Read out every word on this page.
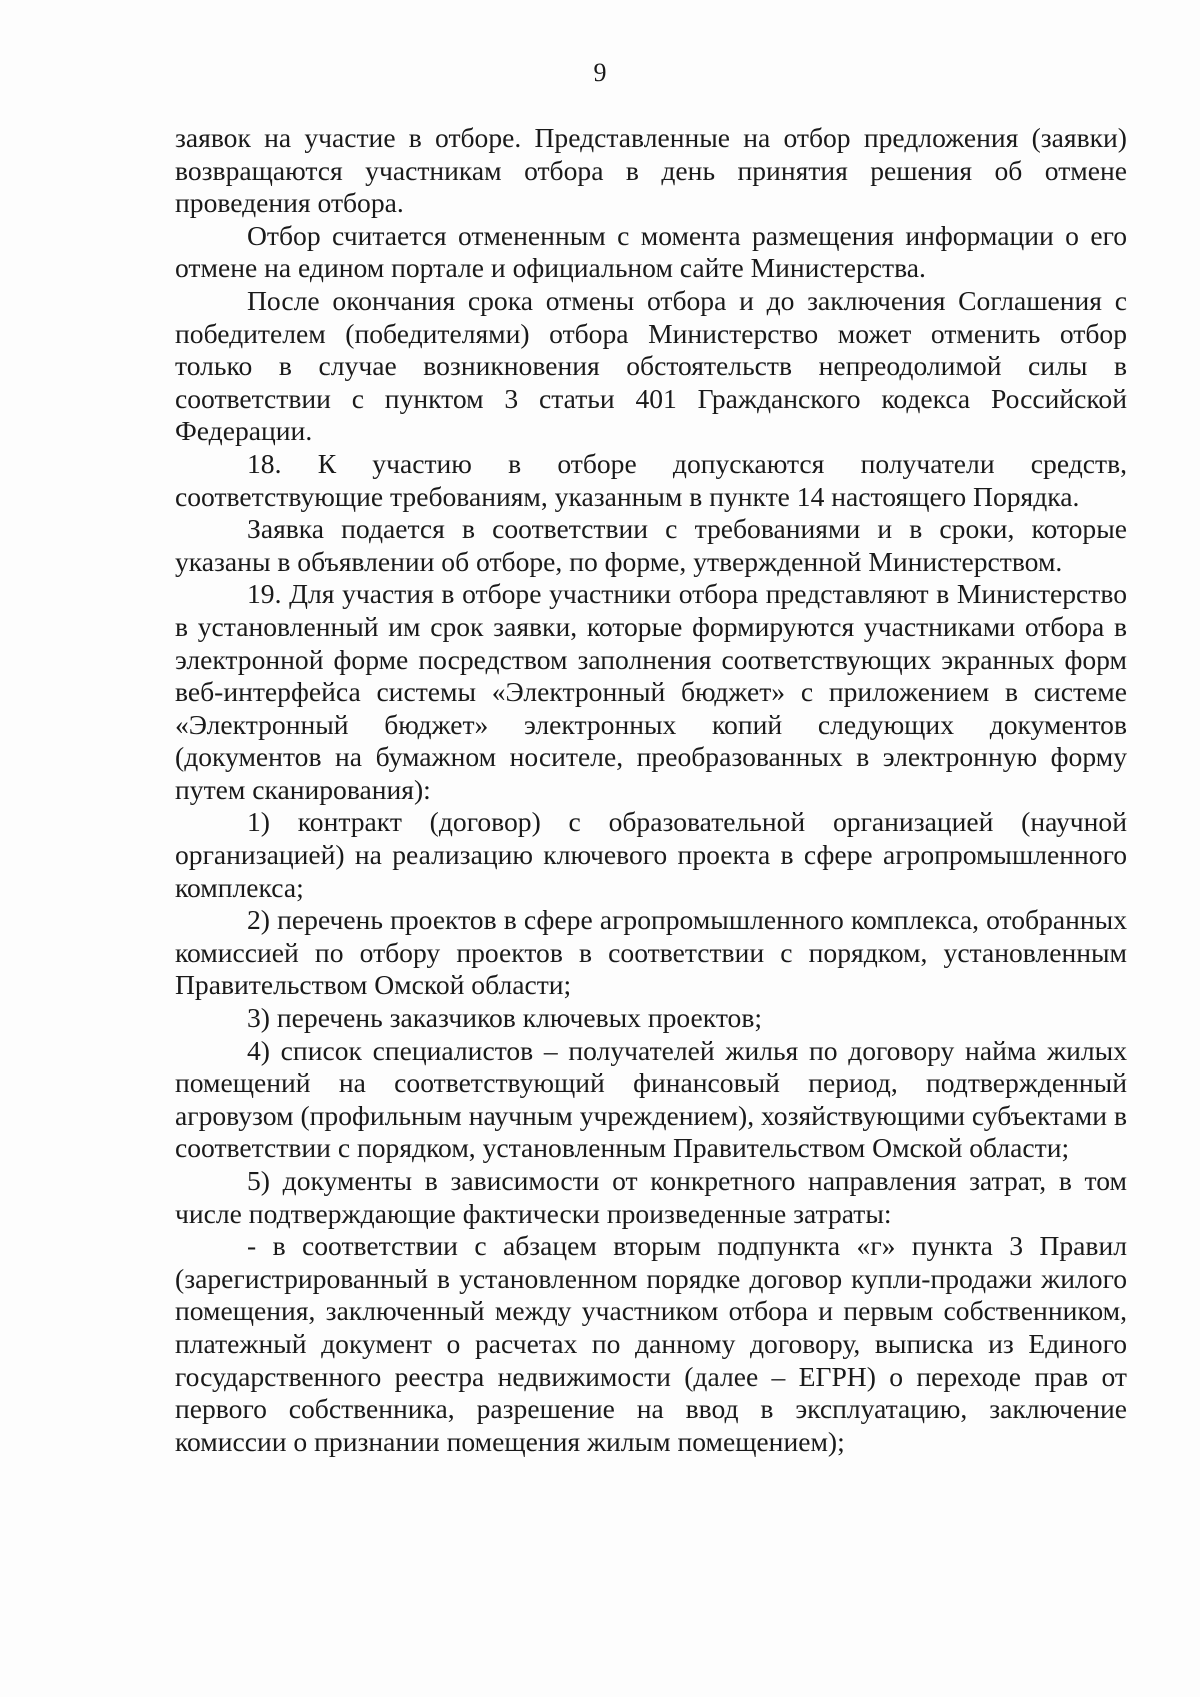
9

заявок на участие в отборе. Представленные на отбор предложения (заявки) возвращаются участникам отбора в день принятия решения об отмене проведения отбора.

Отбор считается отмененным с момента размещения информации о его отмене на едином портале и официальном сайте Министерства.

После окончания срока отмены отбора и до заключения Соглашения с победителем (победителями) отбора Министерство может отменить отбор только в случае возникновения обстоятельств непреодолимой силы в соответствии с пунктом 3 статьи 401 Гражданского кодекса Российской Федерации.

18. К участию в отборе допускаются получатели средств, соответствующие требованиям, указанным в пункте 14 настоящего Порядка.

Заявка подается в соответствии с требованиями и в сроки, которые указаны в объявлении об отборе, по форме, утвержденной Министерством.

19. Для участия в отборе участники отбора представляют в Министерство в установленный им срок заявки, которые формируются участниками отбора в электронной форме посредством заполнения соответствующих экранных форм веб-интерфейса системы «Электронный бюджет» с приложением в системе «Электронный бюджет» электронных копий следующих документов (документов на бумажном носителе, преобразованных в электронную форму путем сканирования):

1) контракт (договор) с образовательной организацией (научной организацией) на реализацию ключевого проекта в сфере агропромышленного комплекса;

2) перечень проектов в сфере агропромышленного комплекса, отобранных комиссией по отбору проектов в соответствии с порядком, установленным Правительством Омской области;

3) перечень заказчиков ключевых проектов;

4) список специалистов – получателей жилья по договору найма жилых помещений на соответствующий финансовый период, подтвержденный агровузом (профильным научным учреждением), хозяйствующими субъектами в соответствии с порядком, установленным Правительством Омской области;

5) документы в зависимости от конкретного направления затрат, в том числе подтверждающие фактически произведенные затраты:

- в соответствии с абзацем вторым подпункта «г» пункта 3 Правил (зарегистрированный в установленном порядке договор купли-продажи жилого помещения, заключенный между участником отбора и первым собственником, платежный документ о расчетах по данному договору, выписка из Единого государственного реестра недвижимости (далее – ЕГРН) о переходе прав от первого собственника, разрешение на ввод в эксплуатацию, заключение комиссии о признании помещения жилым помещением);
